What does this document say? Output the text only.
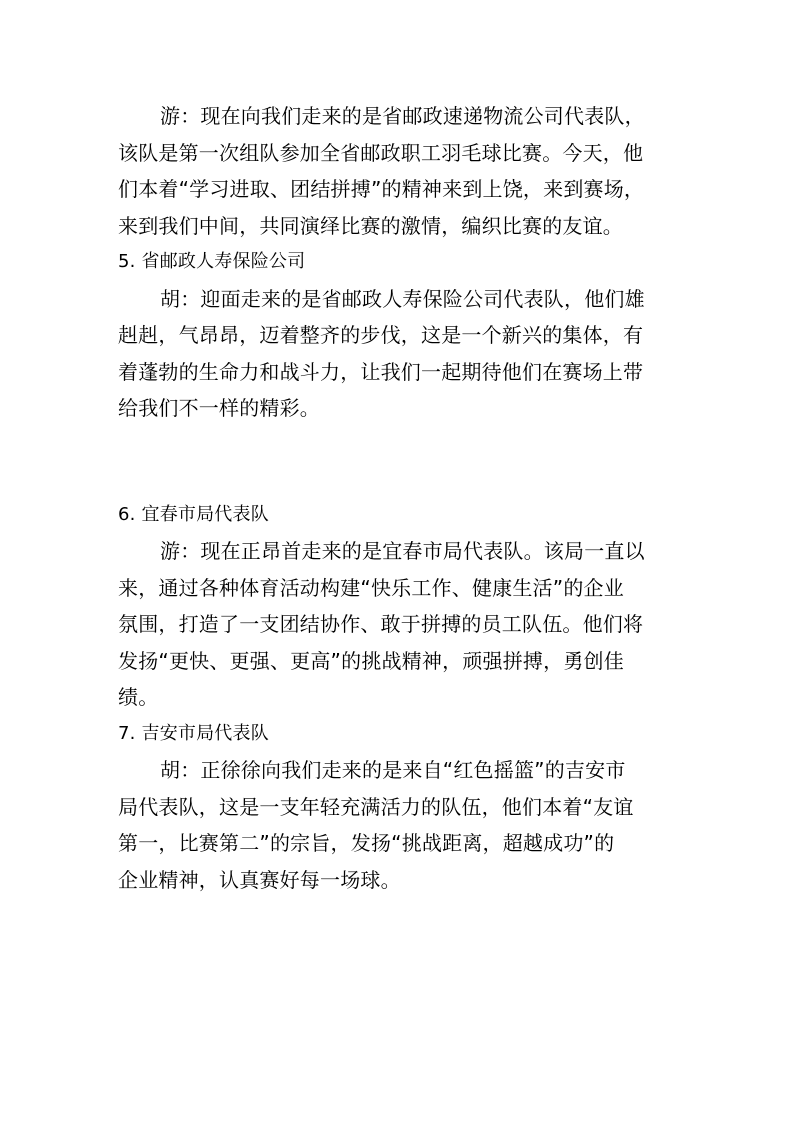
游：现在向我们走来的是省邮政速递物流公司代表队，
该队是第一次组队参加全省邮政职工羽毛球比赛。今天，他
们本着“学习进取、团结拼搏”的精神来到上饶，来到赛场，
来到我们中间，共同演绎比赛的激情，编织比赛的友谊。
5. 省邮政人寿保险公司
胡：迎面走来的是省邮政人寿保险公司代表队，他们雄
赳赳，气昂昂，迈着整齐的步伐，这是一个新兴的集体，有
着蓬勃的生命力和战斗力，让我们一起期待他们在赛场上带
给我们不一样的精彩。
6. 宜春市局代表队
游：现在正昂首走来的是宜春市局代表队。该局一直以
来，通过各种体育活动构建“快乐工作、健康生活”的企业
氛围，打造了一支团结协作、敢于拼搏的员工队伍。他们将
发扬“更快、更强、更高”的挑战精神，顽强拼搏，勇创佳
绩。
7. 吉安市局代表队
胡：正徐徐向我们走来的是来自“红色摇篮”的吉安市
局代表队，这是一支年轻充满活力的队伍，他们本着“友谊
第一，比赛第二”的宗旨，发扬“挑战距离，超越成功”的
企业精神，认真赛好每一场球。
